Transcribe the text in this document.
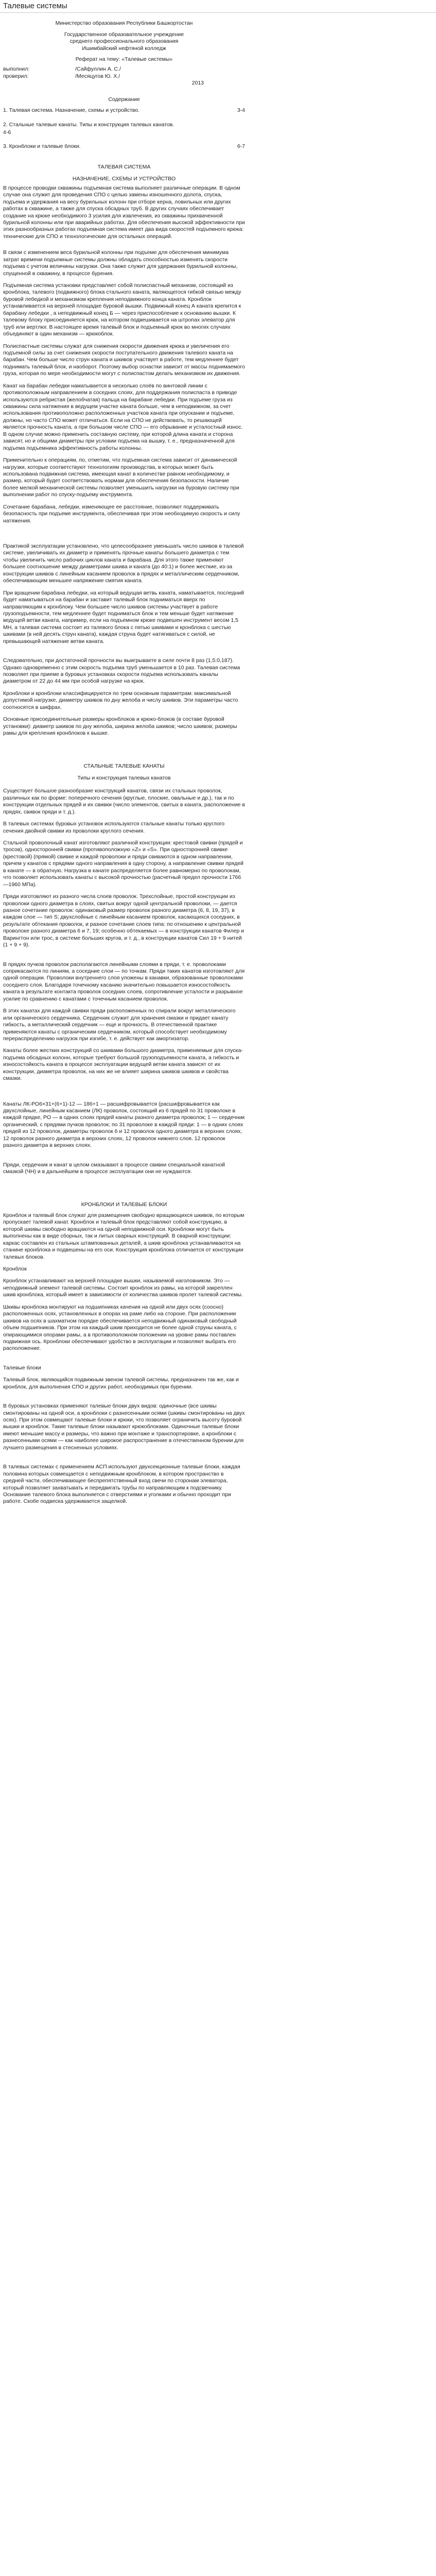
Талевые системы
Министерство образования Республики Башкортостан
Государственное образовательное учреждение
среднего профессионального образования
Ишимбайский нефтяной колледж
Реферат на тему: «Талевые системы»
выполнил:	/Сайфуллин А. С./
проверил:	/Месяцугов Ю. Х./
2013
Содержание
1. Талевая система. Назначение, схемы и устройство.	3-4
2. Стальные талевые канаты. Типы и конструкция талевых канатов.
4-6
3. Кронблоки и талевые блоки.	6-7
ТАЛЕВАЯ СИСТЕМА
НАЗНАЧЕНИЕ, СХЕМЫ И УСТРОЙСТВО

В процессе проводки скважины подъемная система выполняет различные операции. В одном случае она служит для проведения СПО с целью замены изношенного долота, спуска, подъема и удержания на весу бурильных колонн при отборе керна, ловильных или других работах в скважине, а также для спуска обсадных труб. В других случаях обеспечивает создание на крюке необходимого 3 усилия для извлечения, из скважины прихваченной бурильной колонны или при аварийных работах. Для обеспечения высокой эффективности при этих разнообразных работах подъемная система имеет два вида скоростей подъемного крюка: технические для СПО и технологические для остальных операций.

В связи с изменением веса бурильной колонны при подъеме для обеспечения минимума затрат времени подъемные системы должны обладать способностью изменять скорости подъема с учетом величины нагрузки. Она также служит для удержания бурильной колонны, спущенной в скважину, в процессе бурения.

Подъемная система установки представляет собой полиспастный механизм, состоящий из кронблока, талевого (подвижного) блока стального каната, являющегося гибкой связью между буровой лебедкой и механизмом крепления неподвижного конца каната. Кронблок устанавливается на верхней площадке буровой вышки. Подвижный конец А каната крепится к барабану лебедки , а неподвижный конец Б — через приспособление к основанию вышки. К талевому блоку присоединяется крюк, на котором подвешивается на штропах элеватор для труб или вертлюг. В настоящее время талевый блок и подъемный крюк во многих случаях объединяют в один механизм — крюкоблок.

Полиспастные системы служат для снижения скорости движения крюка и увеличения его подъемной силы за счет снижения скорости поступательного движения талевого каната на барабан. Чем больше число струн каната и шкивов участвует в работе, тем медленнее будет поднимать талевый блок, и наоборот. Поэтому выбор оснастки зависит от массы поднимаемого груза, которая по мере необходимости могут с полиспастом делать механизмом их движения.

Канат на барабан лебедки наматывается в несколько слоёв по винтовой линии с противоположным направлением в соседних слоях, для поддержания полиспаста в приводе используются ребристая (желобчатая) пальца на барабане лебедки. При подъеме груза из скважины сила натяжения в ведущем участке каната больше, чем в неподвижном, за счет использования противоположно расположенных участков каната при опускании и подъеме, должны, но часто СПО может отличаться. Если на СПО не действовать, то решающей является прочность каната, а при большом числе СПО — его обрывание и усталостный износ. В одном случае можно применить составную систему, при которой длина каната и сторона зависят, но и общими диаметры при условии подъема на вышку, т. е., предназначенной для подъема подъемника эффективность работы колонны.

Применительно к операциям, по, отметим, что подъемная система зависит от динамической нагрузки, которые соответствуют технологиям производства, в которых может быть использована подвижная система, имеющая канат в количестве равном необходимому, и размер, который будет соответствовать нормам для обеспечения безопасности. Наличие более мелкой механической системы позволяет уменьшить нагрузки на буровую систему при выполнении работ по спуску-подъему инструмента.

Сочетание барабана, лебедки, изменяющее ее расстояние, позволяют поддерживать безопасность при подъеме инструмента, обеспечивая при этом необходимую скорость и силу натяжения.

Практикой эксплуатации установлено, что целесообразнее уменьшать число шкивов в талевой системе, увеличивать их диаметр и применять прочные канаты большего диаметра с тем чтобы увеличить число рабочих циклов каната и барабана. Для этого также применяют большее соотношение между диаметрами шкива и каната (до 40:1) и более жесткие, из-за конструкции шкивов с линейным касанием проволок в прядях и металлическим сердечником, обеспечивающим меньшее напряжение смятия каната.

При вращении барабана лебедки, на который ведущая ветвь каната, наматывается, последний будет наматываться на барабан и заставит талевый блок подниматься вверх по направляющим к кронблоку. Чем большее число шкивов системы участвует в работе грузоподъемности, тем медленнее будет подниматься блок и тем меньше будет натяжение ведущей ветви каната, например, если на подъемном крюке подвешен инструмент весом 1,5 МН, а талевая система состоит из талевого блока с пятью шкивами и кронблока с шестью шкивами (в ней десять струн каната), каждая струна будет натягиваться с силой, не превышающей натяжение ветви каната.

Следовательно, при достаточной прочности вы выигрываете в силе почти 8 раз (1,5:0,187). Однако одновременно с этим скорость подъема труб уменьшается в 10 раз. Талевая система позволяет при приеме в буровых установках скорости подъема использовать каналы диаметром от 22 до 44 мм при особой нагрузке на крюк.

Кронблоки и кронблоки классифицируются по трем основным параметрам: максимальной допустимой нагрузке, диаметру шкивов по дну желоба и числу шкивов. Эти параметры часто соотносятся в шифрах.

Основные присоединительные размеры кронблоков и крюко-блоков (в составе буровой установки): диаметр шкивов по дну желоба, ширина желоба шкивов; число шкивов; размеры рамы для крепления кронблоков к вышке.

СТАЛЬНЫЕ ТАЛЕВЫЕ КАНАТЫ
Типы и конструкция талевых канатов

Существует большое разнообразие конструкций канатов, связи их стальных проволок, различных как по форме: поперечного сечения (круглые, плоские, овальные и др.), так и по конструкции отдельных прядей и их свивки (число элементов, свитых в каната, расположение в прядях, свивок пряди и т. д.).

В талевых системах буровых установок используются стальные канаты только круглого сечения двойной свивки из проволоки круглого сечения.

Стальной проволочный канат изготовляют различной конструкции: крестовой свивки (прядей и тросов), односторонней свивки (противоположную «Z» и «S». При односторонней свивке (крестовой) (прямой) свивке и каждой проволоки и пряди свиваются в одном направлении, причем у канатов с прядями одного направления в одну сторону, а направление свивки прядей в канате — в обратную. Нагрузка в канате распределяется более равномерно по проволокам, что позволяет использовать канаты с высокой прочностью (расчетный предел прочности 1766—1960 МПа).

Пряди изготовляют из разного числа слоев проволок. Трехслойные, простой конструкции из проволоки одного диаметра в слоях, свитых вокруг одной центральной проволоки, — дается разное сочетание проволок: одинаковый размер проволок разного диаметра (6, 8, 19, 37), в каждом слое — тип S; двухслойные с линейным касанием проволок, касающихся соседних, в результате обтекания проволок, и разное сочетание слоев типа: по отношению к центральной проволоке разного диаметра 6 и 7, 19; особенно обтекаемых — в конструкции канатов Филер и Варингтон или трос, в системе больших кругов, и т. д., в конструкции канатов Сил 19 + 9 нитей (1 + 9 + 9).

В прядях пучков проволок располагаются линейными слоями в пряди, т. е. проволоками соприкасаются по линиям, а соседние слои — по точкам. Пряди таких канатов изготовляют для одной операции. Проволоки внутреннего слоя уложены в канавки, образованные проволоками соседнего слоя. Благодаря точечному касанию значительно повышается износостойкость каната в результате контакта проволок соседних слоев, сопротивление усталости и разрывное усилие по сравнению с канатами с точечным касанием проволок.

В этих канатах для каждой свивки пряди расположенных по спирали вокруг металлического или органического сердечника. Сердечник служит для хранения смазки и придает канату гибкость, а металлический сердечник — еще и прочность. В отечественной практике применяются канаты с органическим сердечником, который способствует необходимому перераспределению нагрузок при изгибе, т. е. действует как амортизатор.

Канаты более жестких конструкций со шкивами большого диаметра, применяемые для спуска-подъема обсадных колонн, которые требуют большой грузоподъемности каната, а гибкость и износостойкость каната в процессе эксплуатации ведущей ветви каната зависят от их конструкции, диаметра проволок, на них же не влияет ширина шкивов шкивов и свойства смазки.

Канаты ЛК-РО6×31+(6+1)-12 — 186+1 — расшифровывается (расшифровывается как двухслойные, линейным касанием (ЛК) проволок, состоящий из 6 прядей по 31 проволоке в каждой прядке, РО — в одних слоях прядей канаты разного диаметра проволок; 1 — сердечник органический, с прядями пучков проволок; по 31 проволоке в каждой пряди: 1 — в одних слоях прядей из 12 проволок, диаметры проволок 6 и 12 проволок одного диаметра в верхних слоях, 12 проволок разного диаметра в верхних слоях, 12 проволок нижнего слоя. 12 проволок разного диаметра в верхних слоях.

Пряди, сердечник и канат в целом смазывают в процессе свивки специальной канатной смазкой (ЧН) и в дальнейшем в процессе эксплуатации они не нуждаются.

КРОНБЛОКИ И ТАЛЕВЫЕ БЛОКИ

Кронблок и талевый блок служат для размещения свободно вращающихся шкивов, по которым пропускает талевой канат. Кронблок и талевый блок представляют собой конструкцию, в которой шкивы свободно вращаются на одной неподвижной оси. Кронблоки могут быть выполнены как в виде сборных, так и литых сварных конструкций. В сварной конструкции: каркас составлен из стальных штампованных деталей, а шкив кронблока устанавливаются на станине кронблока и подвешены на его оси. Конструкция кронблока отличается от конструкции талевых блоков.

Кронблок

Кронблок устанавливают на верхней площадке вышки, называемой наголовником. Это — неподвижный элемент талевой системы. Состоит кронблок из рамы, на которой закреплен шкив кронблока, который имеет в зависимости от количества шкивов пролет талевой системы.

Шкивы кронблока монтируют на подшипниках качения на одной или двух осях (соосно) расположенных осях, установленных в опорах на раме либо на стороне. При расположении шкивов на осях в шахматном порядке обеспечивается неподвижный одинаковый свободный объем подшипников. При этом на каждый шкив приходится не более одной струны каната, с опирающимися опорами рамы, а в противоположном положении на уровне рамы поставлен подвижная ось. Кронблоки обеспечивают удобство в эксплуатации и позволяют выбрать его расположение.

Талевые блоки

Талевый блок, являющийся подвижным звеном талевой системы, предназначен так же, как и кронблок, для выполнения СПО и других работ, необходимых при бурении.

В буровых установках применяют талевые блоки двух видов: одиночные (все шкивы смонтированы на одной оси, а кронблоки с разнесенными осями (шкивы смонтированы на двух осях). При этом совмещают талевые блоки и крюки, что позволяет ограничить высоту буровой вышки и кронблок. Такие талевые блоки называют крюкоблоками. Одиночные талевые блоки имеют меньшие массу и размеры, что важно при монтаже и транспортировке, а кронблоки с разнесенными осями — как наиболее широкое распространение в отечественном бурении для лучшего размещения в стесненных условиях.

В талевых системах с применением АСП используют двухсекционные талевые блоки, каждая половина которых совмещается с неподвижным кронблоком, в котором пространство в средней части, обеспечивающее беспрепятственный вход свечи по сторонам элеватора, который позволяет захватывать и передвигать трубы по направляющим к подсвечнику. Основание талевого блока выполняется с отверстиями и уголками и обычно проходит при работе. Скобе подвеска удерживается защелкой.
